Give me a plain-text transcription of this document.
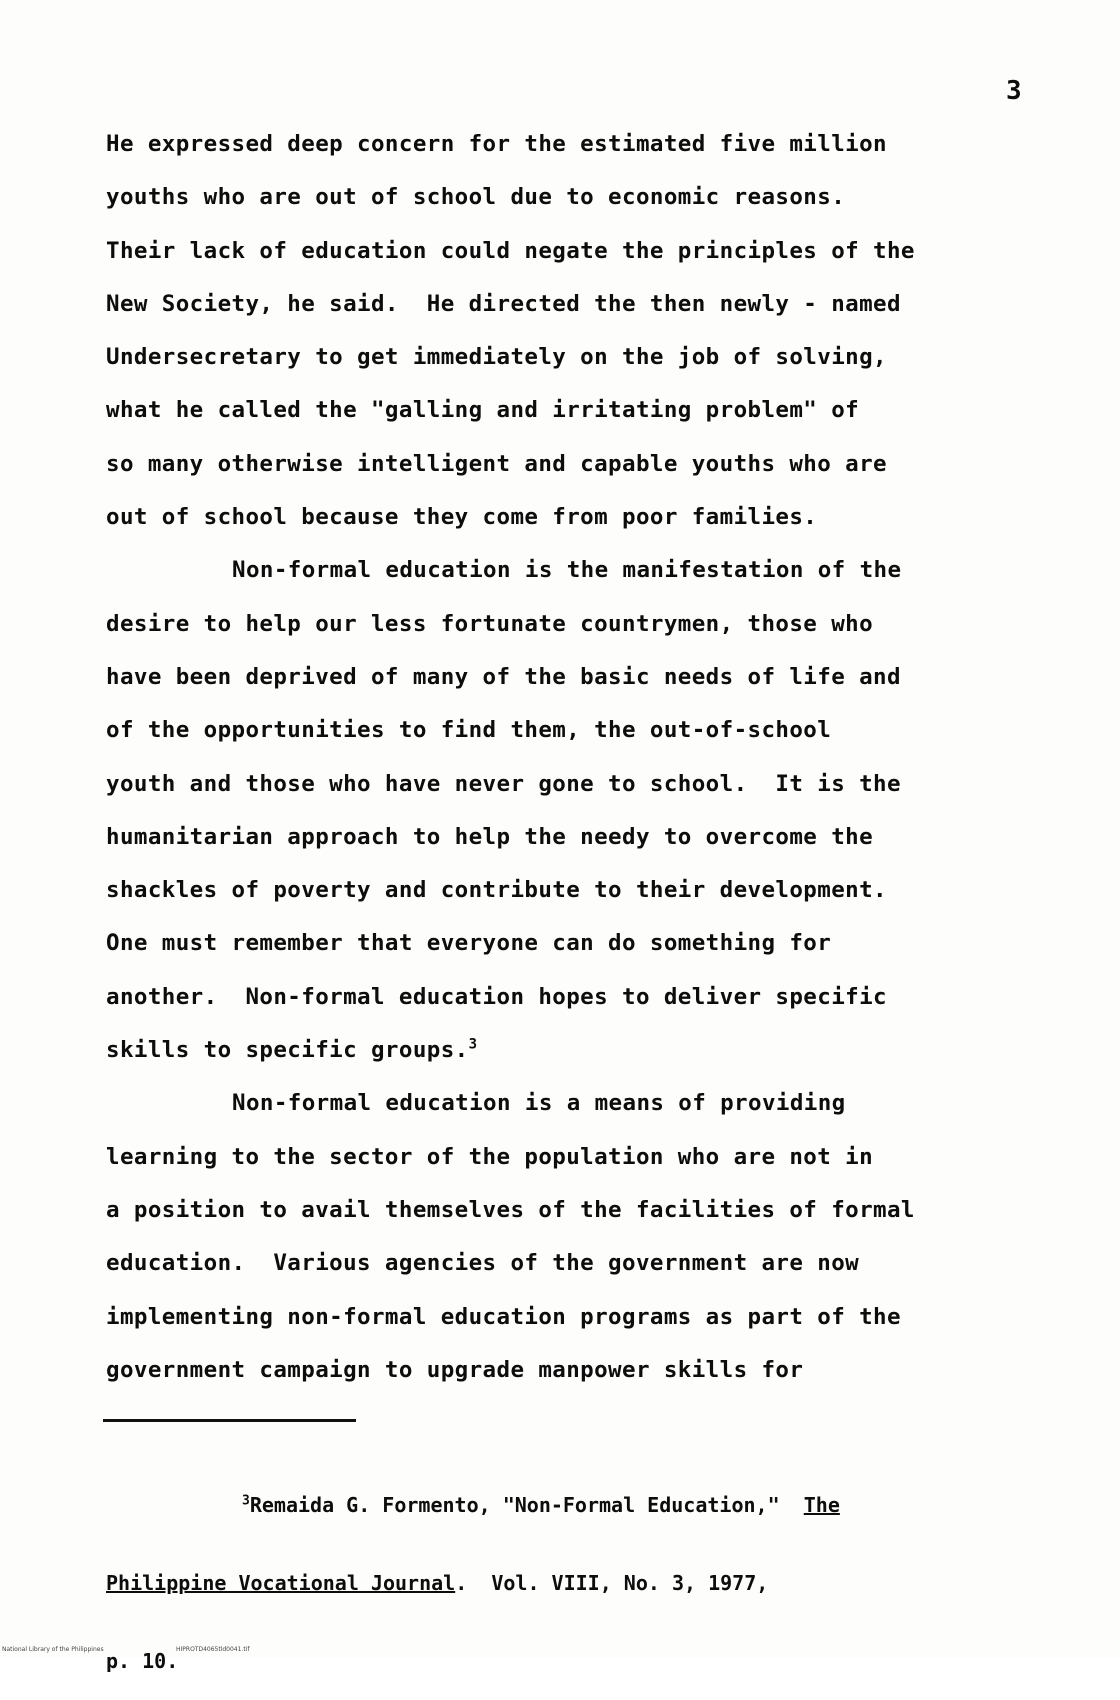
3
He expressed deep concern for the estimated five million
youths who are out of school due to economic reasons.
Their lack of education could negate the principles of the
New Society, he said.  He directed the then newly - named
Undersecretary to get immediately on the job of solving,
what he called the "galling and irritating problem" of
so many otherwise intelligent and capable youths who are
out of school because they come from poor families.
Non-formal education is the manifestation of the
desire to help our less fortunate countrymen, those who
have been deprived of many of the basic needs of life and
of the opportunities to find them, the out-of-school
youth and those who have never gone to school.  It is the
humanitarian approach to help the needy to overcome the
shackles of poverty and contribute to their development.
One must remember that everyone can do something for
another.  Non-formal education hopes to deliver specific
skills to specific groups.$^3$
Non-formal education is a means of providing
learning to the sector of the population who are not in
a position to avail themselves of the facilities of formal
education.  Various agencies of the government are now
implementing non-formal education programs as part of the
government campaign to upgrade manpower skills for

$^3$Remaida G. Formento, "Non-Formal Education," The

Philippine Vocational Journal.  Vol. VIII, No. 3, 1977,

p. 10.

National Library of the Philippines	HIPROTD4065tld0041.tif
